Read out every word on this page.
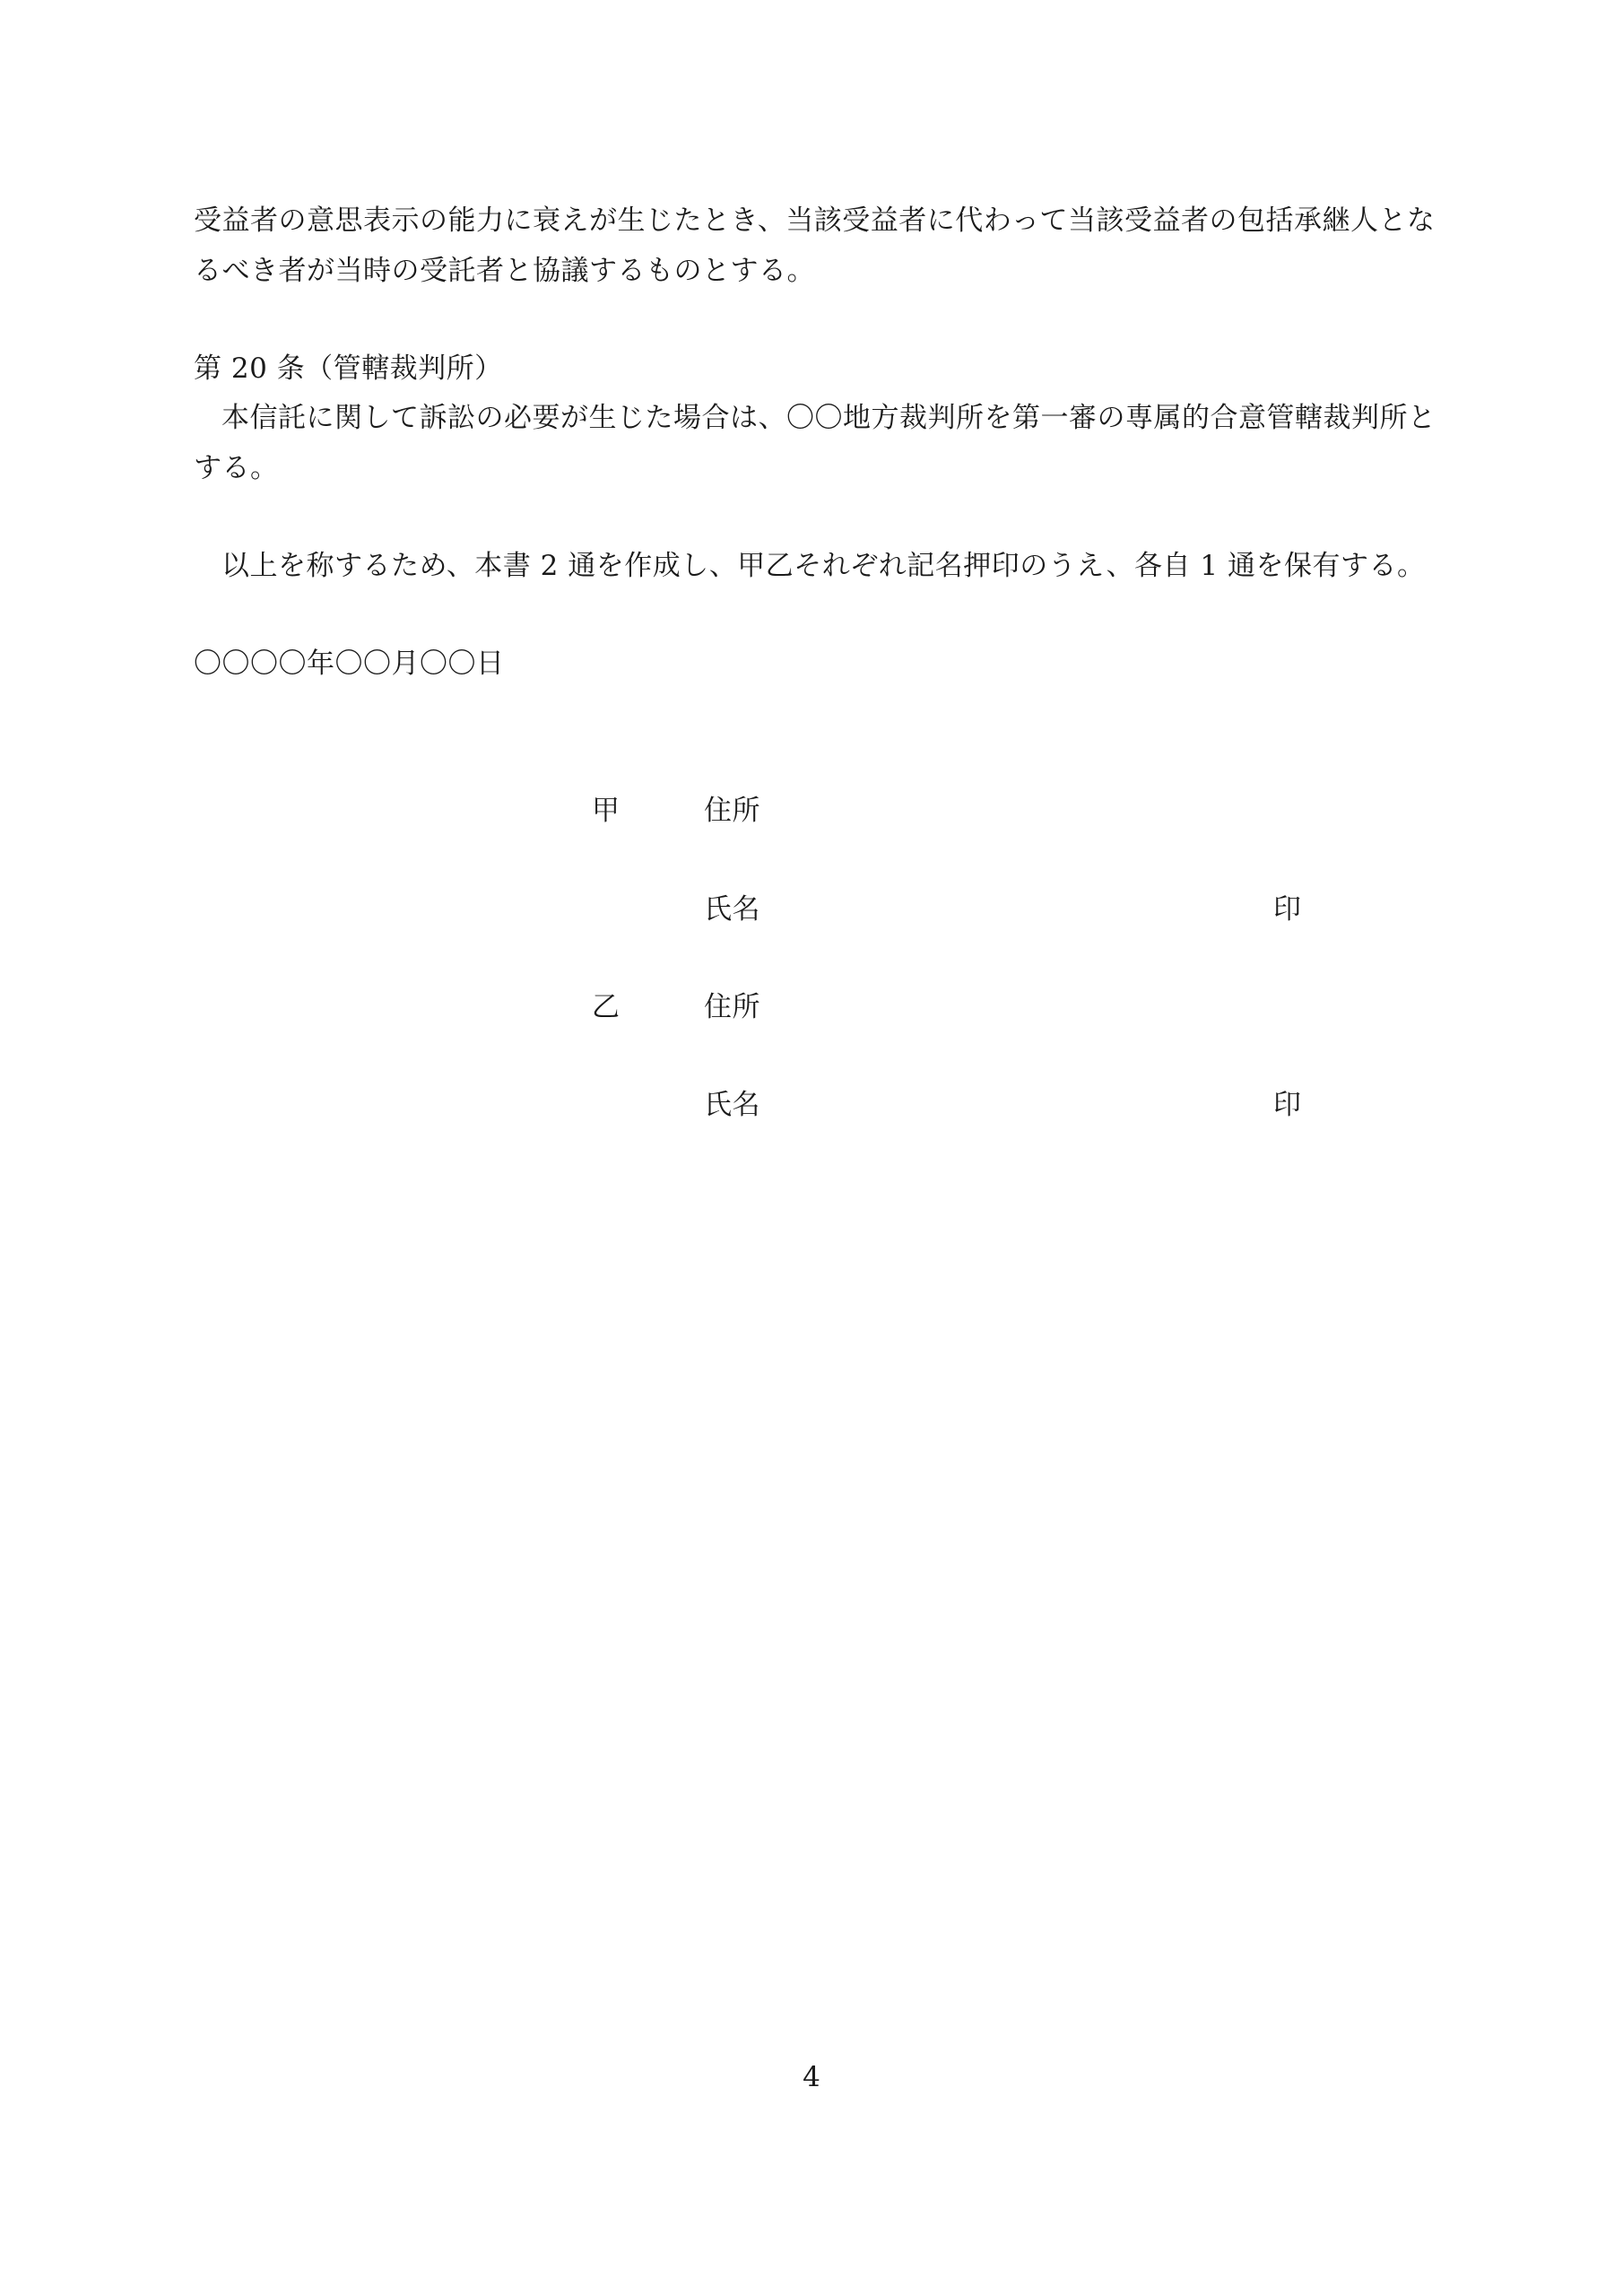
受益者の意思表示の能力に衰えが生じたとき、当該受益者に代わって当該受益者の包括承継人とな
るべき者が当時の受託者と協議するものとする。
第 20 条（管轄裁判所）
本信託に関して訴訟の必要が生じた場合は、〇〇地方裁判所を第一審の専属的合意管轄裁判所と
する。
以上を称するため、本書 2 通を作成し、甲乙それぞれ記名押印のうえ、各自 1 通を保有する。
〇〇〇〇年〇〇月〇〇日
甲	住所
氏名	印
乙	住所
氏名	印
4
